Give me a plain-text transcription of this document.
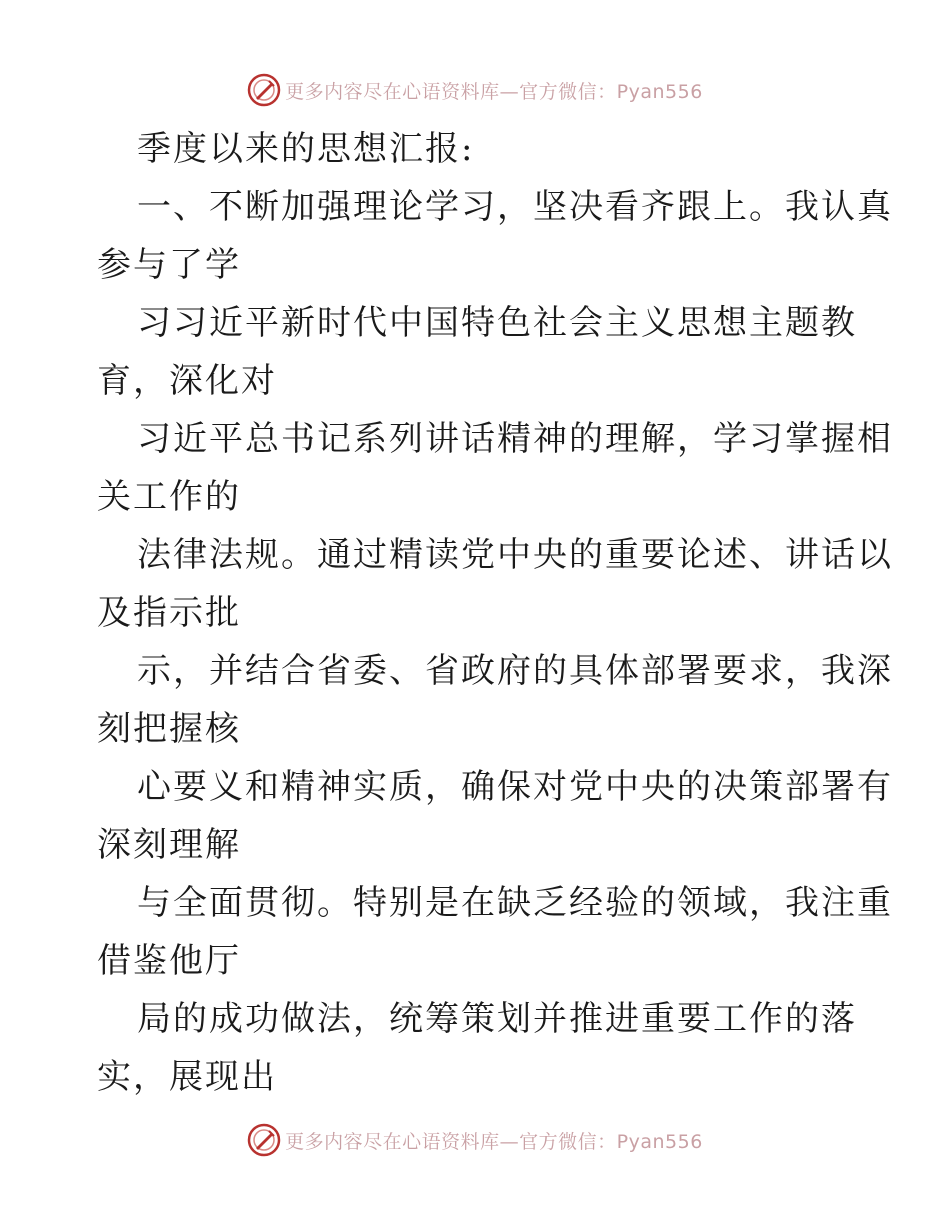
更多内容尽在心语资料库—官方微信：Pyan556
季度以来的思想汇报:
一、不断加强理论学习，坚决看齐跟上。我认真
参与了学
习习近平新时代中国特色社会主义思想主题教
育，深化对
习近平总书记系列讲话精神的理解，学习掌握相
关工作的
法律法规。通过精读党中央的重要论述、讲话以
及指示批
示，并结合省委、省政府的具体部署要求，我深
刻把握核
心要义和精神实质，确保对党中央的决策部署有
深刻理解
与全面贯彻。特别是在缺乏经验的领域，我注重
借鉴他厅
局的成功做法，统筹策划并推进重要工作的落
实，展现出
更多内容尽在心语资料库—官方微信：Pyan556
